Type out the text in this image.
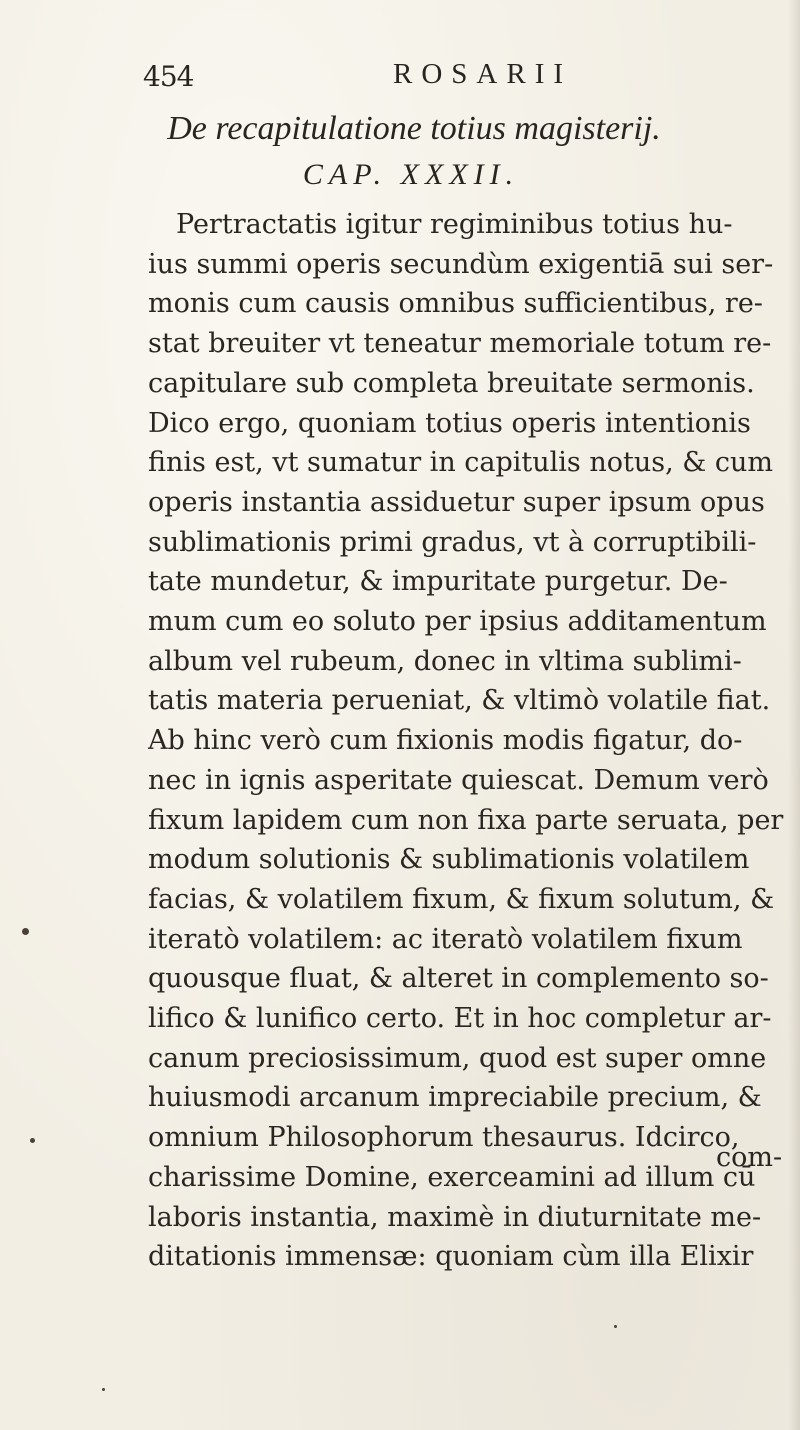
454	ROSARII
De recapitulatione totius magisterij.
CAP. XXXII.
Pertractatis igitur regiminibus totius hu-
ius summi operis secundùm exigentiā sui ser-
monis cum causis omnibus sufficientibus, re-
stat breuiter vt teneatur memoriale totum re-
capitulare sub completa breuitate sermonis.
Dico ergo, quoniam totius operis intentionis
finis est, vt sumatur in capitulis notus, & cum
operis instantia assiduetur super ipsum opus
sublimationis primi gradus, vt à corruptibili-
tate mundetur, & impuritate purgetur. De-
mum cum eo soluto per ipsius additamentum
album vel rubeum, donec in vltima sublimi-
tatis materia perueniat, & vltimò volatile fiat.
Ab hinc verò cum fixionis modis figatur, do-
nec in ignis asperitate quiescat. Demum verò
fixum lapidem cum non fixa parte seruata, per
modum solutionis & sublimationis volatilem
facias, & volatilem fixum, & fixum solutum, &
iteratò volatilem: ac iteratò volatilem fixum
quousque fluat, & alteret in complemento so-
lifico & lunifico certo. Et in hoc completur ar-
canum preciosissimum, quod est super omne
huiusmodi arcanum impreciabile precium, &
omnium Philosophorum thesaurus. Idcirco,
charissime Domine, exerceamini ad illum cū
laboris instantia, maximè in diuturnitate me-
ditationis immensæ: quoniam cùm illa Elixir
com-
